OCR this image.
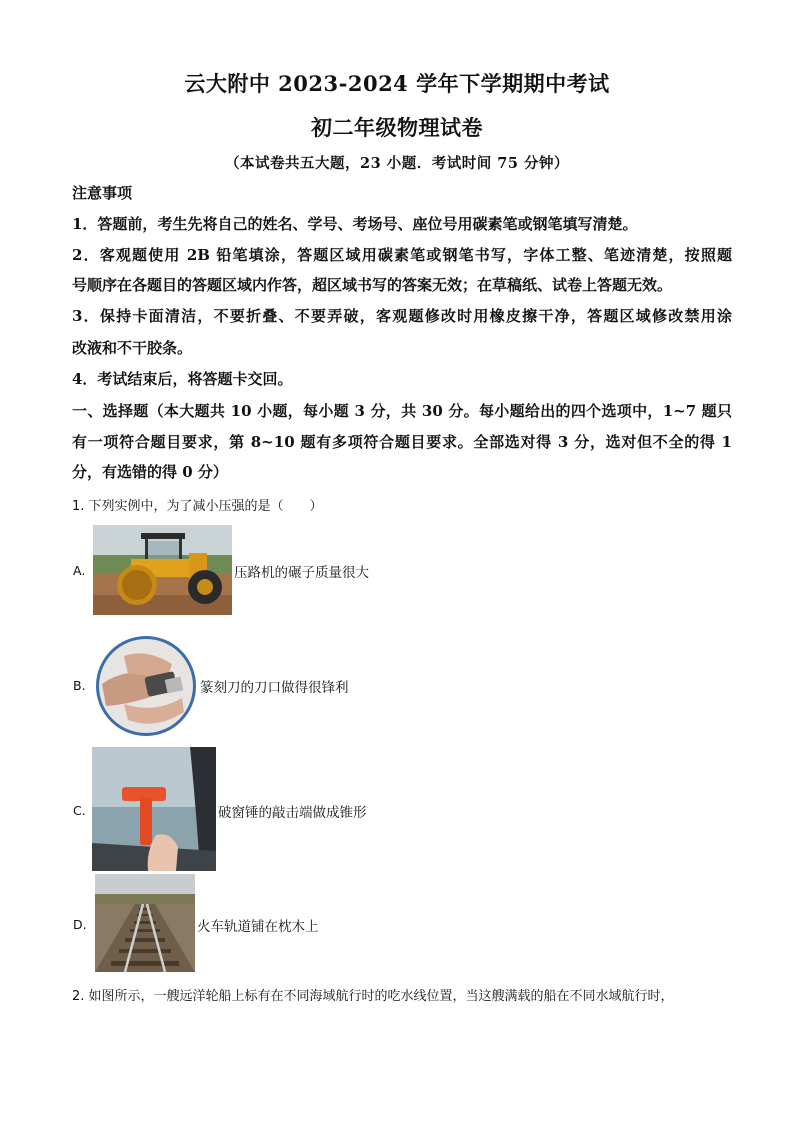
云大附中 2023-2024 学年下学期期中考试
初二年级物理试卷
（本试卷共五大题，23 小题．考试时间 75 分钟）
注意事项
1．答题前，考生先将自己的姓名、学号、考场号、座位号用碳素笔或钢笔填写清楚。
2．客观题使用 2B 铅笔填涂，答题区域用碳素笔或钢笔书写，字体工整、笔迹清楚，按照题
号顺序在各题目的答题区域内作答，超区域书写的答案无效；在草稿纸、试卷上答题无效。
3．保持卡面清洁，不要折叠、不要弄破，客观题修改时用橡皮擦干净，答题区域修改禁用涂
改液和不干胶条。
4．考试结束后，将答题卡交回。
一、选择题（本大题共 10 小题，每小题 3 分，共 30 分。每小题给出的四个选项中，1~7 题只
有一项符合题目要求，第 8~10 题有多项符合题目要求。全部选对得 3 分，选对但不全的得 1
分，有选错的得 0 分）
1. 下列实例中，为了减小压强的是（　　）
A.	压路机的碾子质量很大
B.	篆刻刀的刀口做得很锋利
C.	破窗锤的敲击端做成锥形
D.	火车轨道铺在枕木上
2. 如图所示，一艘远洋轮船上标有在不同海域航行时的吃水线位置，当这艘满载的船在不同水域航行时，
